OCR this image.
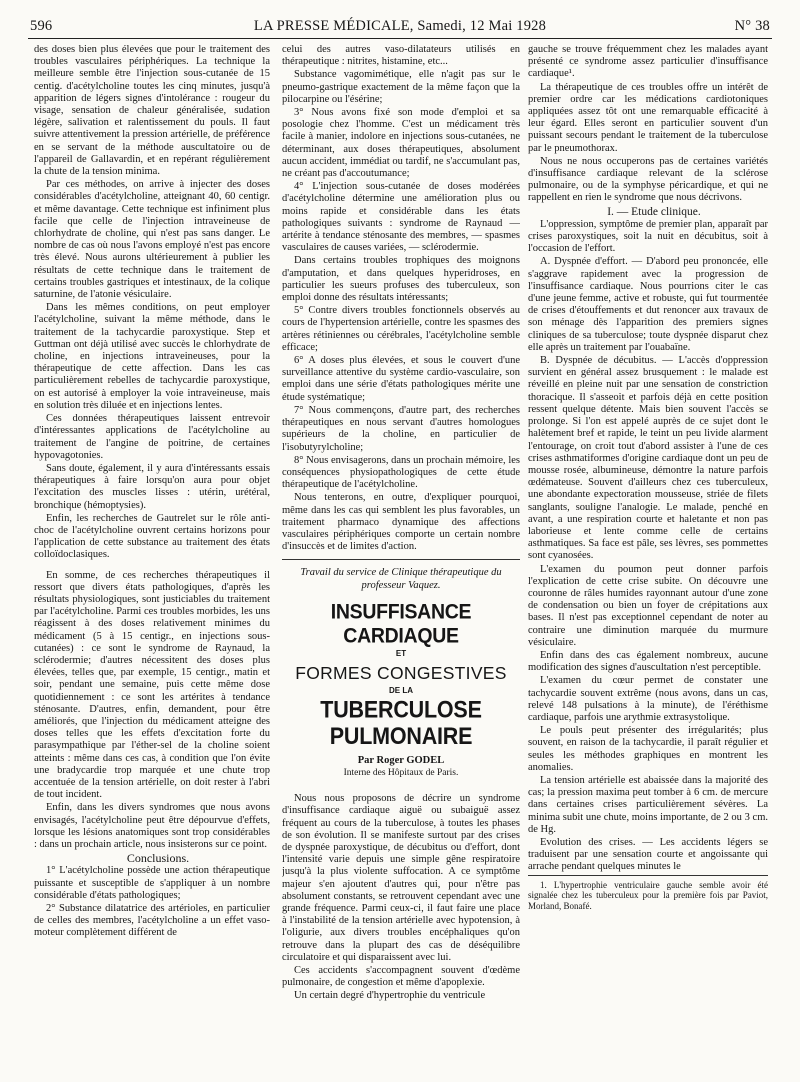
596	LA PRESSE MÉDICALE, Samedi, 12 Mai 1928	N° 38

des doses bien plus élevées que pour le traitement des troubles vasculaires périphériques. La technique la meilleure semble être l'injection sous-cutanée de 15 centig. d'acétylcholine toutes les cinq minutes, jusqu'à apparition de légers signes d'intolérance : rougeur du visage, sensation de chaleur généralisée, sudation légère, salivation et ralentissement du pouls. Il faut suivre attentivement la pression artérielle, de préférence en se servant de la méthode auscultatoire ou de l'appareil de Gallavardin, et en repérant régulièrement la chute de la tension minima.

Par ces méthodes, on arrive à injecter des doses considérables d'acétylcholine, atteignant 40, 60 centigr. et même davantage. Cette technique est infiniment plus facile que celle de l'injection intraveineuse de chlorhydrate de choline, qui n'est pas sans danger. Le nombre de cas où nous l'avons employé n'est pas encore très élevé. Nous aurons ultérieurement à publier les résultats de cette technique dans le traitement de certains troubles gastriques et intestinaux, de la colique saturnine, de l'atonie vésiculaire.

Dans les mêmes conditions, on peut employer l'acétylcholine, suivant la même méthode, dans le traitement de la tachycardie paroxystique. Step et Guttman ont déjà utilisé avec succès le chlorhydrate de choline, en injections intraveineuses, pour la thérapeutique de cette affection. Dans les cas particulièrement rebelles de tachycardie paroxystique, on est autorisé à employer la voie intraveineuse, mais en solution très diluée et en injections lentes.

Ces données thérapeutiques laissent entrevoir d'intéressantes applications de l'acétylcholine au traitement de l'angine de poitrine, de certaines hypovagotonies.

Sans doute, également, il y aura d'intéressants essais thérapeutiques à faire lorsqu'on aura pour objet l'excitation des muscles lisses : utérin, urétéral, bronchique (hémoptysies).

Enfin, les recherches de Gautrelet sur le rôle anti-choc de l'acétylcholine ouvrent certains horizons pour l'application de cette substance au traitement des états colloïdoclasiques.

En somme, de ces recherches thérapeutiques il ressort que divers états pathologiques, d'après les résultats physiologiques, sont justiciables du traitement par l'acétylcholine. Parmi ces troubles morbides, les uns réagissent à des doses relativement minimes du médicament (5 à 15 centigr., en injections sous-cutanées) : ce sont le syndrome de Raynaud, la sclérodermie; d'autres nécessitent des doses plus élevées, telles que, par exemple, 15 centigr., matin et soir, pendant une semaine, puis cette même dose quotidiennement : ce sont les artérites à tendance sténosante. D'autres, enfin, demandent, pour être améliorés, que l'injection du médicament atteigne des doses telles que les effets d'excitation forte du parasympathique par l'éther-sel de la choline soient atteints : même dans ces cas, à condition que l'on évite une bradycardie trop marquée et une chute trop accentuée de la tension artérielle, on doit rester à l'abri de tout incident.

Enfin, dans les divers syndromes que nous avons envisagés, l'acétylcholine peut être dépourvue d'effets, lorsque les lésions anatomiques sont trop considérables : dans un prochain article, nous insisterons sur ce point.

Conclusions.

1° L'acétylcholine possède une action thérapeutique puissante et susceptible de s'appliquer à un nombre considérable d'états pathologiques;

2° Substance dilatatrice des artérioles, en particulier de celles des membres, l'acétylcholine a un effet vaso-moteur complètement différent de

celui des autres vaso-dilatateurs utilisés en thérapeutique : nitrites, histamine, etc...

Substance vagomimétique, elle n'agit pas sur le pneumo-gastrique exactement de la même façon que la pilocarpine ou l'ésérine;

3° Nous avons fixé son mode d'emploi et sa posologie chez l'homme. C'est un médicament très facile à manier, indolore en injections sous-cutanées, ne déterminant, aux doses thérapeutiques, absolument aucun accident, immédiat ou tardif, ne s'accumulant pas, ne créant pas d'accoutumance;

4° L'injection sous-cutanée de doses modérées d'acétylcholine détermine une amélioration plus ou moins rapide et considérable dans les états pathologiques suivants : syndrome de Raynaud — artérite à tendance sténosante des membres, — spasmes vasculaires de causes variées, — sclérodermie.

Dans certains troubles trophiques des moignons d'amputation, et dans quelques hyperidroses, en particulier les sueurs profuses des tuberculeux, son emploi donne des résultats intéressants;

5° Contre divers troubles fonctionnels observés au cours de l'hypertension artérielle, contre les spasmes des artères rétiniennes ou cérébrales, l'acétylcholine semble efficace;

6° A doses plus élevées, et sous le couvert d'une surveillance attentive du système cardio-vasculaire, son emploi dans une série d'états pathologiques mérite une étude systématique;

7° Nous commençons, d'autre part, des recherches thérapeutiques en nous servant d'autres homologues supérieurs de la choline, en particulier de l'isobutyrylcholine;

8° Nous envisagerons, dans un prochain mémoire, les conséquences physiopathologiques de cette étude thérapeutique de l'acétylcholine.

Nous tenterons, en outre, d'expliquer pourquoi, même dans les cas qui semblent les plus favorables, un traitement pharmaco dynamique des affections vasculaires périphériques comporte un certain nombre d'insuccès et de limites d'action.

Travail du service de Clinique thérapeutique du professeur Vaquez.
INSUFFISANCE CARDIAQUE
ET
FORMES CONGESTIVES
DE LA
TUBERCULOSE PULMONAIRE
Par Roger GODEL
Interne des Hôpitaux de Paris.

Nous nous proposons de décrire un syndrome d'insuffisance cardiaque aiguë ou subaiguë assez fréquent au cours de la tuberculose, à toutes les phases de son évolution. Il se manifeste surtout par des crises de dyspnée paroxystique, de décubitus ou d'effort, dont l'intensité varie depuis une simple gêne respiratoire jusqu'à la plus violente suffocation. A ce symptôme majeur s'en ajoutent d'autres qui, pour n'être pas absolument constants, se retrouvent cependant avec une grande fréquence. Parmi ceux-ci, il faut faire une place à l'instabilité de la tension artérielle avec hypotension, à l'oligurie, aux divers troubles encéphaliques qu'on retrouve dans la plupart des cas de déséquilibre circulatoire et qui disparaissent avec lui.

Ces accidents s'accompagnent souvent d'œdème pulmonaire, de congestion et même d'apoplexie.

Un certain degré d'hypertrophie du ventricule

gauche se trouve fréquemment chez les malades ayant présenté ce syndrome assez particulier d'insuffisance cardiaque¹.

La thérapeutique de ces troubles offre un intérêt de premier ordre car les médications cardiotoniques appliquées assez tôt ont une remarquable efficacité à leur égard. Elles seront en particulier souvent d'un puissant secours pendant le traitement de la tuberculose par le pneumothorax.

Nous ne nous occuperons pas de certaines variétés d'insuffisance cardiaque relevant de la sclérose pulmonaire, ou de la symphyse péricardique, et qui ne rappellent en rien le syndrome que nous décrivons.

I. — Etude clinique.

L'oppression, symptôme de premier plan, apparaît par crises paroxystiques, soit la nuit en décubitus, soit à l'occasion de l'effort.

A. Dyspnée d'effort. — D'abord peu prononcée, elle s'aggrave rapidement avec la progression de l'insuffisance cardiaque. Nous pourrions citer le cas d'une jeune femme, active et robuste, qui fut tourmentée de crises d'étouffements et dut renoncer aux travaux de son ménage dès l'apparition des premiers signes cliniques de sa tuberculose; toute dyspnée disparut chez elle après un traitement par l'ouabaïne.

B. Dyspnée de décubitus. — L'accès d'oppression survient en général assez brusquement : le malade est réveillé en pleine nuit par une sensation de constriction thoracique. Il s'asseoit et parfois déjà en cette position ressent quelque détente. Mais bien souvent l'accès se prolonge. Si l'on est appelé auprès de ce sujet dont le halètement bref et rapide, le teint un peu livide alarment l'entourage, on croit tout d'abord assister à l'une de ces crises asthmatiformes d'origine cardiaque dont un peu de mousse rosée, albumineuse, démontre la nature parfois œdémateuse. Souvent d'ailleurs chez ces tuberculeux, une abondante expectoration mousseuse, striée de filets sanglants, souligne l'analogie. Le malade, penché en avant, a une respiration courte et haletante et non pas laborieuse et lente comme celle de certains asthmatiques. Sa face est pâle, ses lèvres, ses pommettes sont cyanosées.

L'examen du poumon peut donner parfois l'explication de cette crise subite. On découvre une couronne de râles humides rayonnant autour d'une zone de condensation ou bien un foyer de crépitations aux bases. Il n'est pas exceptionnel cependant de noter au contraire une diminution marquée du murmure vésiculaire.

Enfin dans des cas également nombreux, aucune modification des signes d'auscultation n'est perceptible.

L'examen du cœur permet de constater une tachycardie souvent extrême (nous avons, dans un cas, relevé 148 pulsations à la minute), de l'éréthisme cardiaque, parfois une arythmie extrasystolique.

Le pouls peut présenter des irrégularités; plus souvent, en raison de la tachycardie, il paraît régulier et seules les méthodes graphiques en montrent les anomalies.

La tension artérielle est abaissée dans la majorité des cas; la pression maxima peut tomber à 6 cm. de mercure dans certaines crises particulièrement sévères. La minima subit une chute, moins importante, de 2 ou 3 cm. de Hg.

Evolution des crises. — Les accidents légers se traduisent par une sensation courte et angoissante qui arrache pendant quelques minutes le

1. L'hypertrophie ventriculaire gauche semble avoir été signalée chez les tuberculeux pour la première fois par Paviot, Morland, Bonafé.
